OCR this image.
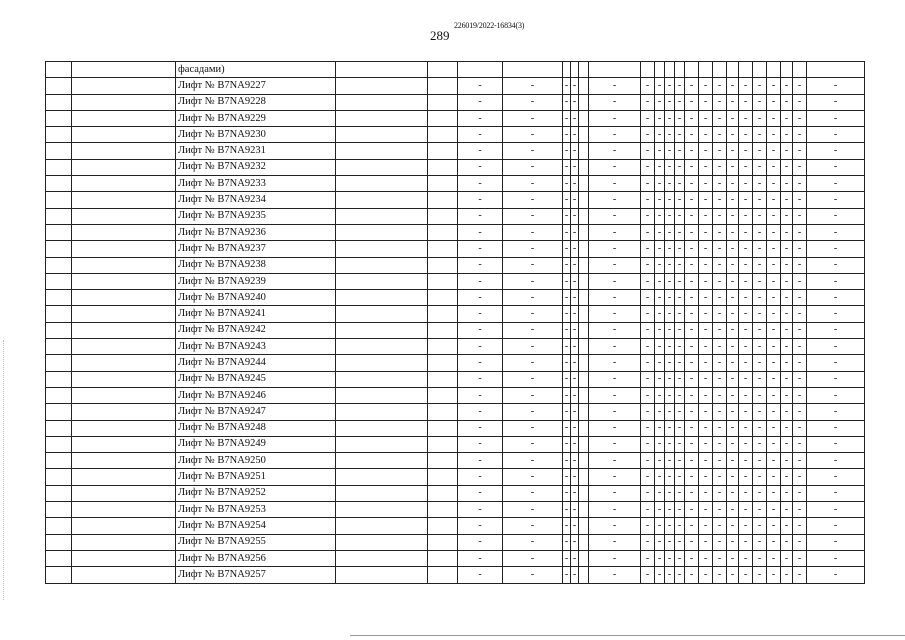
289
226019/2022-16834(3)
		фасадами)																						
		Лифт № B7NA9227			-	-	-	-		-	-	-	-	-	-	-	-	-	-	-	-	-	-	-
		Лифт № B7NA9228			-	-	-	-		-	-	-	-	-	-	-	-	-	-	-	-	-	-	-
		Лифт № B7NA9229			-	-	-	-		-	-	-	-	-	-	-	-	-	-	-	-	-	-	-
		Лифт № B7NA9230			-	-	-	-		-	-	-	-	-	-	-	-	-	-	-	-	-	-	-
		Лифт № B7NA9231			-	-	-	-		-	-	-	-	-	-	-	-	-	-	-	-	-	-	-
		Лифт № B7NA9232			-	-	-	-		-	-	-	-	-	-	-	-	-	-	-	-	-	-	-
		Лифт № B7NA9233			-	-	-	-		-	-	-	-	-	-	-	-	-	-	-	-	-	-	-
		Лифт № B7NA9234			-	-	-	-		-	-	-	-	-	-	-	-	-	-	-	-	-	-	-
		Лифт № B7NA9235			-	-	-	-		-	-	-	-	-	-	-	-	-	-	-	-	-	-	-
		Лифт № B7NA9236			-	-	-	-		-	-	-	-	-	-	-	-	-	-	-	-	-	-	-
		Лифт № B7NA9237			-	-	-	-		-	-	-	-	-	-	-	-	-	-	-	-	-	-	-
		Лифт № B7NA9238			-	-	-	-		-	-	-	-	-	-	-	-	-	-	-	-	-	-	-
		Лифт № B7NA9239			-	-	-	-		-	-	-	-	-	-	-	-	-	-	-	-	-	-	-
		Лифт № B7NA9240			-	-	-	-		-	-	-	-	-	-	-	-	-	-	-	-	-	-	-
		Лифт № B7NA9241			-	-	-	-		-	-	-	-	-	-	-	-	-	-	-	-	-	-	-
		Лифт № B7NA9242			-	-	-	-		-	-	-	-	-	-	-	-	-	-	-	-	-	-	-
		Лифт № B7NA9243			-	-	-	-		-	-	-	-	-	-	-	-	-	-	-	-	-	-	-
		Лифт № B7NA9244			-	-	-	-		-	-	-	-	-	-	-	-	-	-	-	-	-	-	-
		Лифт № B7NA9245			-	-	-	-		-	-	-	-	-	-	-	-	-	-	-	-	-	-	-
		Лифт № B7NA9246			-	-	-	-		-	-	-	-	-	-	-	-	-	-	-	-	-	-	-
		Лифт № B7NA9247			-	-	-	-		-	-	-	-	-	-	-	-	-	-	-	-	-	-	-
		Лифт № B7NA9248			-	-	-	-		-	-	-	-	-	-	-	-	-	-	-	-	-	-	-
		Лифт № B7NA9249			-	-	-	-		-	-	-	-	-	-	-	-	-	-	-	-	-	-	-
		Лифт № B7NA9250			-	-	-	-		-	-	-	-	-	-	-	-	-	-	-	-	-	-	-
		Лифт № B7NA9251			-	-	-	-		-	-	-	-	-	-	-	-	-	-	-	-	-	-	-
		Лифт № B7NA9252			-	-	-	-		-	-	-	-	-	-	-	-	-	-	-	-	-	-	-
		Лифт № B7NA9253			-	-	-	-		-	-	-	-	-	-	-	-	-	-	-	-	-	-	-
		Лифт № B7NA9254			-	-	-	-		-	-	-	-	-	-	-	-	-	-	-	-	-	-	-
		Лифт № B7NA9255			-	-	-	-		-	-	-	-	-	-	-	-	-	-	-	-	-	-	-
		Лифт № B7NA9256			-	-	-	-		-	-	-	-	-	-	-	-	-	-	-	-	-	-	-
		Лифт № B7NA9257			-	-	-	-		-	-	-	-	-	-	-	-	-	-	-	-	-	-	-
